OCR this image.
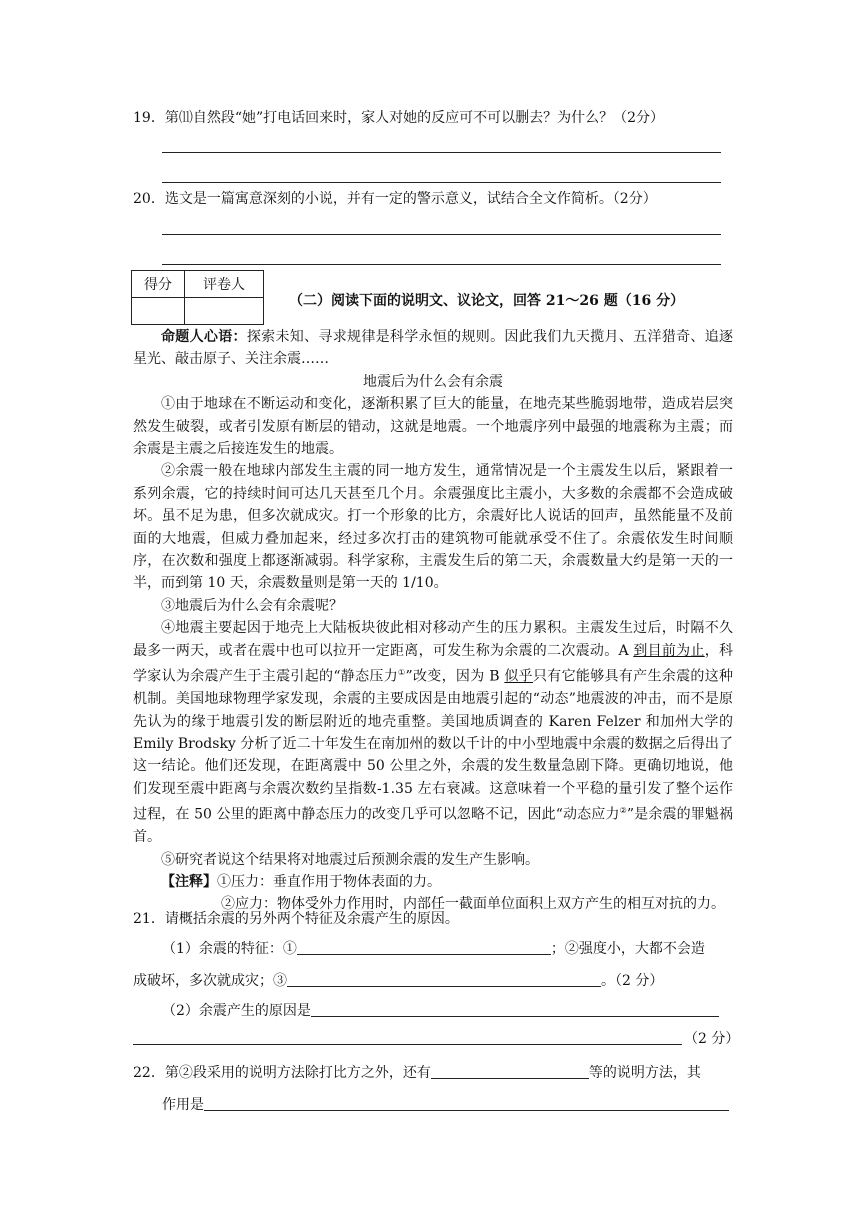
19．第⑾自然段“她”打电话回来时，家人对她的反应可不可以删去？为什么？（2分）
20．选文是一篇寓意深刻的小说，并有一定的警示意义，试结合全文作简析。（2分）
得分	评卷人

（二）阅读下面的说明文、议论文，回答 21～26 题（16 分）

命题人心语：探索未知、寻求规律是科学永恒的规则。因此我们九天揽月、五洋猎奇、追逐星光、敲击原子、关注余震……

地震后为什么会有余震

①由于地球在不断运动和变化，逐渐积累了巨大的能量，在地壳某些脆弱地带，造成岩层突然发生破裂，或者引发原有断层的错动，这就是地震。一个地震序列中最强的地震称为主震；而余震是主震之后接连发生的地震。

②余震一般在地球内部发生主震的同一地方发生，通常情况是一个主震发生以后，紧跟着一系列余震，它的持续时间可达几天甚至几个月。余震强度比主震小，大多数的余震都不会造成破坏。虽不足为患，但多次就成灾。打一个形象的比方，余震好比人说话的回声，虽然能量不及前面的大地震，但威力叠加起来，经过多次打击的建筑物可能就承受不住了。余震依发生时间顺序，在次数和强度上都逐渐减弱。科学家称，主震发生后的第二天，余震数量大约是第一天的一半，而到第 10 天，余震数量则是第一天的 1/10。

③地震后为什么会有余震呢？

④地震主要起因于地壳上大陆板块彼此相对移动产生的压力累积。主震发生过后，时隔不久最多一两天，或者在震中也可以拉开一定距离，可发生称为余震的二次震动。A 到目前为止，科学家认为余震产生于主震引起的“静态压力①”改变，因为 B 似乎只有它能够具有产生余震的这种机制。美国地球物理学家发现，余震的主要成因是由地震引起的“动态”地震波的冲击，而不是原先认为的缘于地震引发的断层附近的地壳重整。美国地质调查的 Karen Felzer 和加州大学的 Emily Brodsky 分析了近二十年发生在南加州的数以千计的中小型地震中余震的数据之后得出了这一结论。他们还发现，在距离震中 50 公里之外，余震的发生数量急剧下降。更确切地说，他们发现至震中距离与余震次数约呈指数-1.35 左右衰减。这意味着一个平稳的量引发了整个运作过程，在 50 公里的距离中静态压力的改变几乎可以忽略不记，因此“动态应力②”是余震的罪魁祸首。

⑤研究者说这个结果将对地震过后预测余震的发生产生影响。

【注释】①压力：垂直作用于物体表面的力。

②应力：物体受外力作用时，内部任一截面单位面积上双方产生的相互对抗的力。

21．请概括余震的另外两个特征及余震产生的原因。
（1）余震的特征：①	；②强度小，大都不会造
成破坏，多次就成灾；③	。（2 分）
（2）余震产生的原因是
（2 分）
22．第②段采用的说明方法除打比方之外，还有	等的说明方法，其
作用是
